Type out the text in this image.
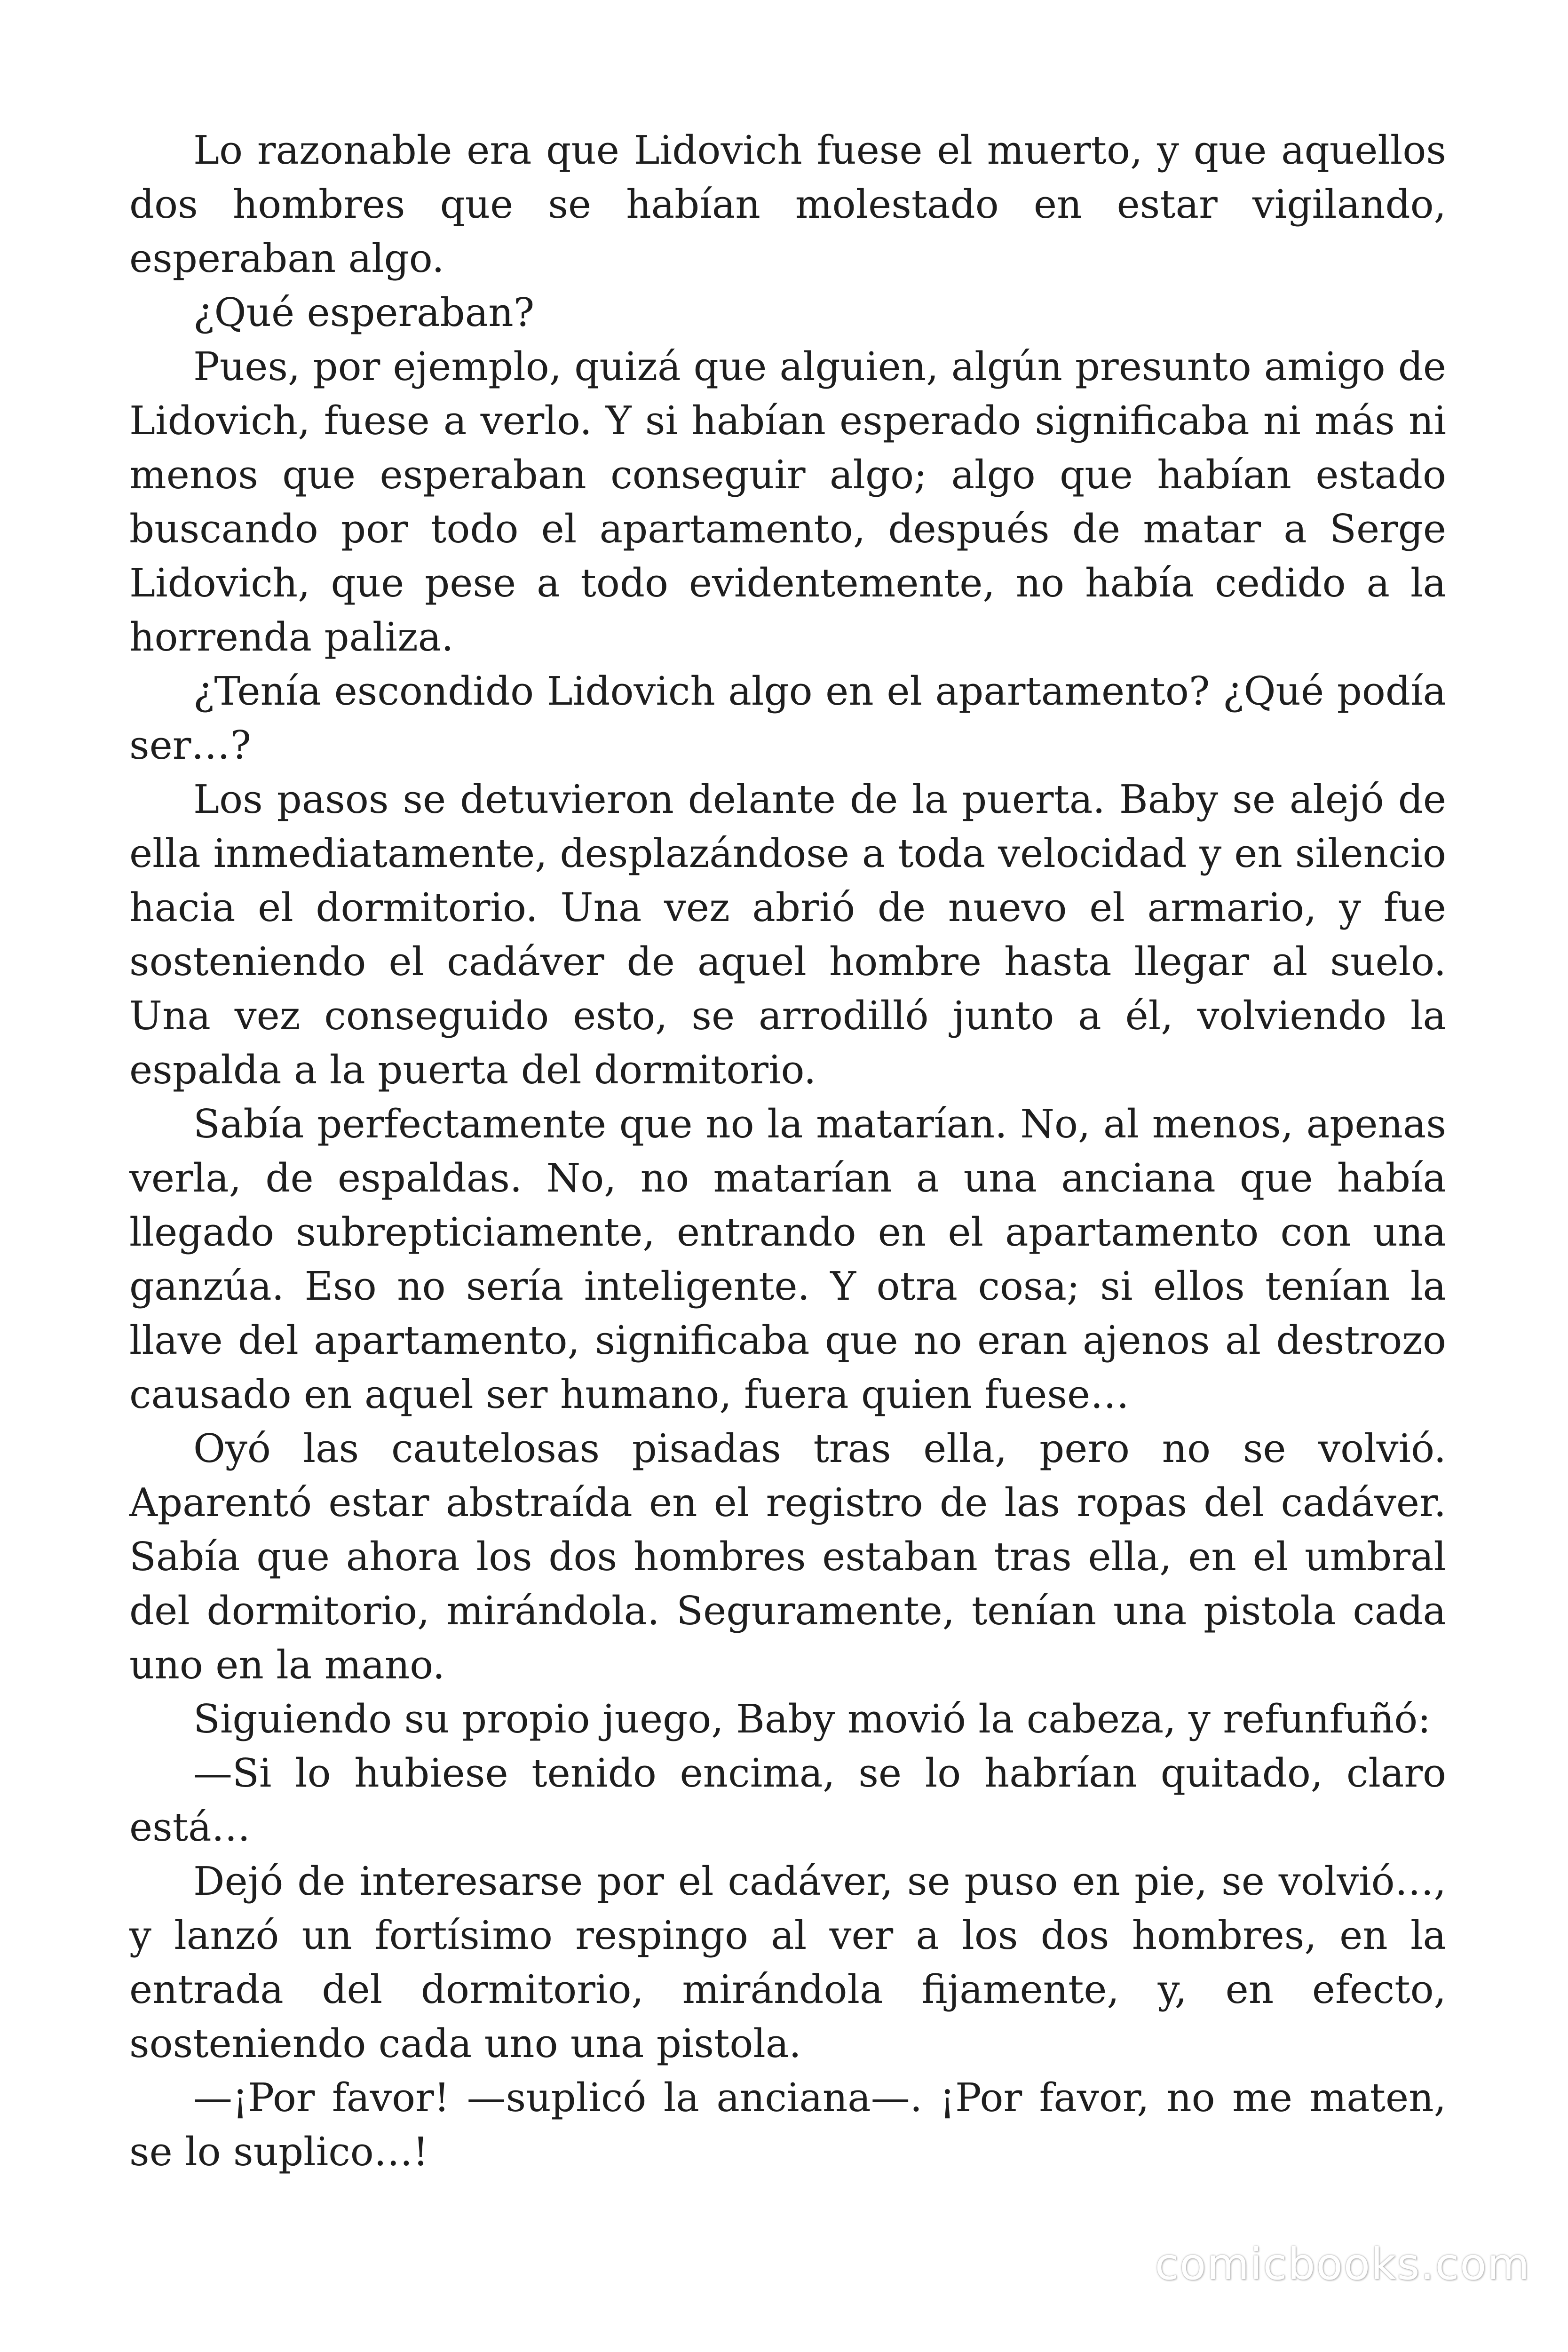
Lo razonable era que Lidovich fuese el muerto, y que aquellos dos hombres que se habían molestado en estar vigilando, esperaban algo.

¿Qué esperaban?

Pues, por ejemplo, quizá que alguien, algún presunto amigo de Lidovich, fuese a verlo. Y si habían esperado significaba ni más ni menos que esperaban conseguir algo; algo que habían estado buscando por todo el apartamento, después de matar a Serge Lidovich, que pese a todo evidentemente, no había cedido a la horrenda paliza.

¿Tenía escondido Lidovich algo en el apartamento? ¿Qué podía ser…?

Los pasos se detuvieron delante de la puerta. Baby se alejó de ella inmediatamente, desplazándose a toda velocidad y en silencio hacia el dormitorio. Una vez abrió de nuevo el armario, y fue sosteniendo el cadáver de aquel hombre hasta llegar al suelo. Una vez conseguido esto, se arrodilló junto a él, volviendo la espalda a la puerta del dormitorio.

Sabía perfectamente que no la matarían. No, al menos, apenas verla, de espaldas. No, no matarían a una anciana que había llegado subrepticiamente, entrando en el apartamento con una ganzúa. Eso no sería inteligente. Y otra cosa; si ellos tenían la llave del apartamento, significaba que no eran ajenos al destrozo causado en aquel ser humano, fuera quien fuese…

Oyó las cautelosas pisadas tras ella, pero no se volvió. Aparentó estar abstraída en el registro de las ropas del cadáver. Sabía que ahora los dos hombres estaban tras ella, en el umbral del dormitorio, mirándola. Seguramente, tenían una pistola cada uno en la mano.

Siguiendo su propio juego, Baby movió la cabeza, y refunfuñó:

—Si lo hubiese tenido encima, se lo habrían quitado, claro está…

Dejó de interesarse por el cadáver, se puso en pie, se volvió…, y lanzó un fortísimo respingo al ver a los dos hombres, en la entrada del dormitorio, mirándola fijamente, y, en efecto, sosteniendo cada uno una pistola.

—¡Por favor! —suplicó la anciana—. ¡Por favor, no me maten, se lo suplico…!

comicbooks.com
